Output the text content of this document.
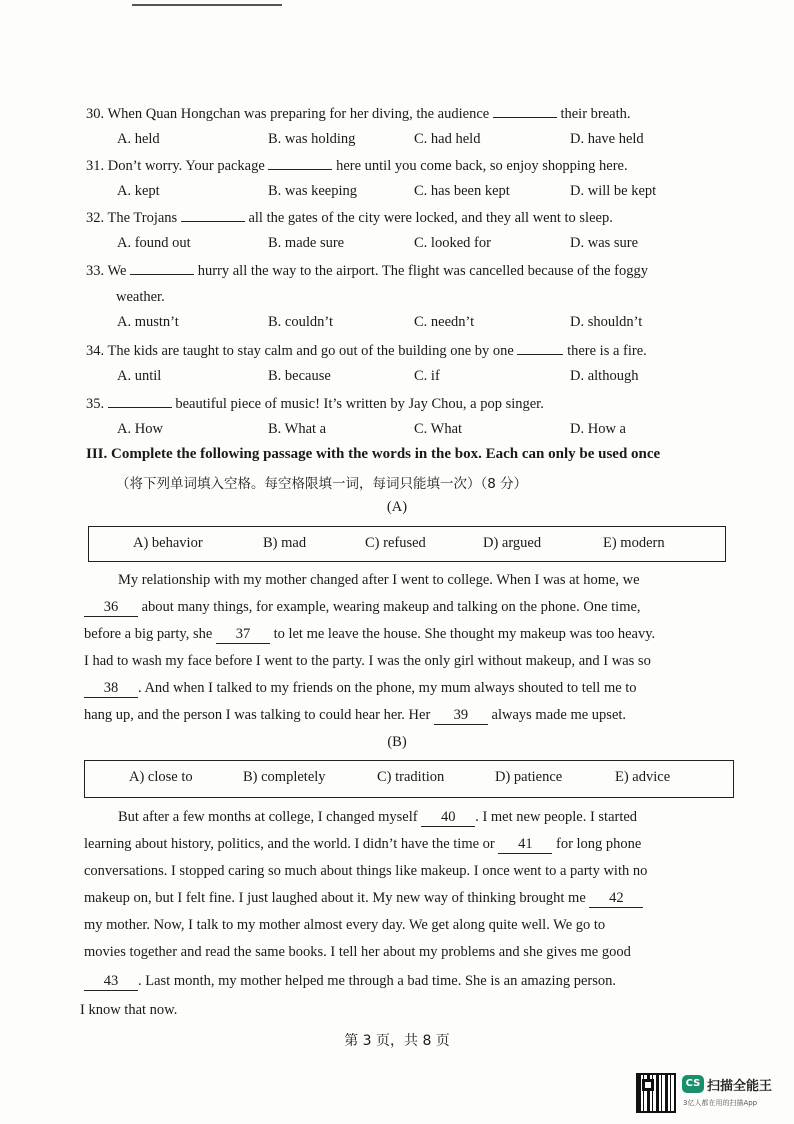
30. When Quan Hongchan was preparing for her diving, the audience	their breath.
A. held	B. was holding	C. had held	D. have held
31. Don’t worry. Your package	here until you come back, so enjoy shopping here.
A. kept	B. was keeping	C. has been kept	D. will be kept
32. The Trojans	all the gates of the city were locked, and they all went to sleep.
A. found out	B. made sure	C. looked for	D. was sure
33. We	hurry all the way to the airport. The flight was cancelled because of the foggy
weather.
A. mustn’t	B. couldn’t	C. needn’t	D. shouldn’t
34. The kids are taught to stay calm and go out of the building one by one	there is a fire.
A. until	B. because	C. if	D. although
35.	beautiful piece of music! It’s written by Jay Chou, a pop singer.
A. How	B. What a	C. What	D. How a
III. Complete the following passage with the words in the box. Each can only be used once
（将下列单词填入空格。每空格限填一词，每词只能填一次）（8 分）
(A)
A) behavior	B) mad	C) refused	D) argued	E) modern
My relationship with my mother changed after I went to college. When I was at home, we
36 about many things, for example, wearing makeup and talking on the phone. One time,
before a big party, she 37 to let me leave the house. She thought my makeup was too heavy.
I had to wash my face before I went to the party. I was the only girl without makeup, and I was so
38 . And when I talked to my friends on the phone, my mum always shouted to tell me to
hang up, and the person I was talking to could hear her. Her 39 always made me upset.
(B)
A) close to	B) completely	C) tradition	D) patience	E) advice
But after a few months at college, I changed myself 40 . I met new people. I started
learning about history, politics, and the world. I didn’t have the time or 41 for long phone
conversations. I stopped caring so much about things like makeup. I once went to a party with no
makeup on, but I felt fine. I just laughed about it. My new way of thinking brought me 42
my mother. Now, I talk to my mother almost every day. We get along quite well. We go to
movies together and read the same books. I tell her about my problems and she gives me good
43 . Last month, my mother helped me through a bad time. She is an amazing person.
I know that now.
第 3 页，共 8 页
CS 扫描全能王
3亿人都在用的扫描App
